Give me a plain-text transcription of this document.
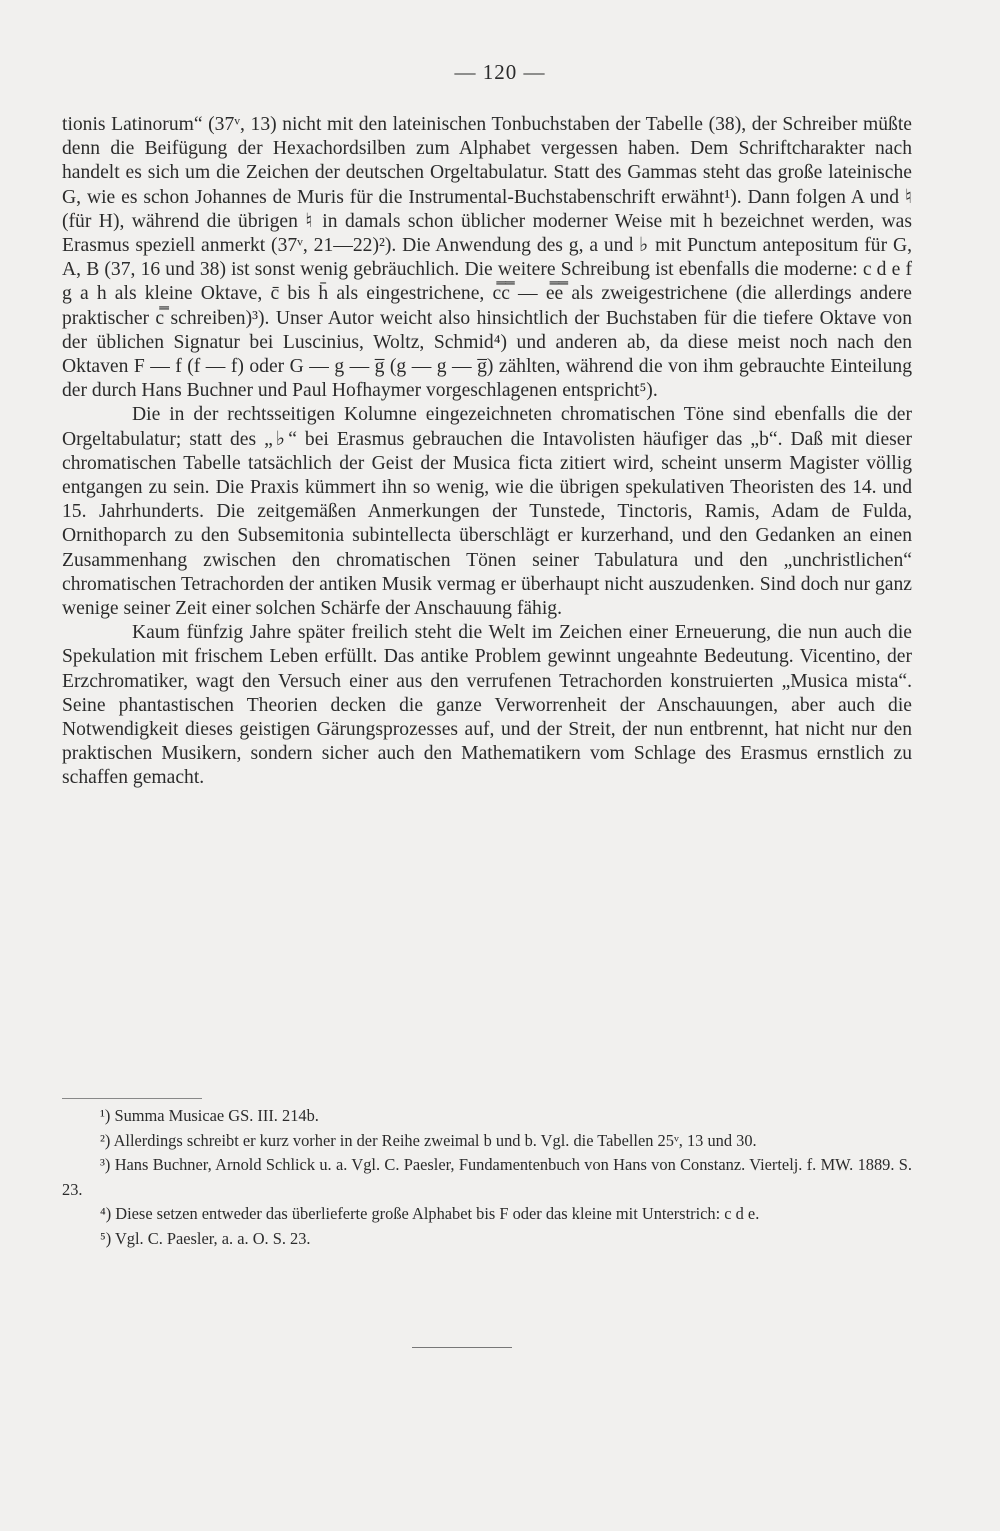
— 120 —

tionis Latinorum“ (37ᵛ, 13) nicht mit den lateinischen Tonbuchstaben der Tabelle (38), der Schreiber müßte denn die Beifügung der Hexachordsilben zum Alphabet vergessen haben. Dem Schriftcharakter nach handelt es sich um die Zeichen der deutschen Orgeltabulatur. Statt des Gammas steht das große lateinische G, wie es schon Johannes de Muris für die Instrumental-Buchstabenschrift erwähnt¹). Dann folgen A und ♮ (für H), während die übrigen ♮ in damals schon üblicher moderner Weise mit h bezeichnet werden, was Erasmus speziell anmerkt (37ᵛ, 21—22)²). Die Anwendung des g, a und ♭ mit Punctum antepositum für G, A, B (37, 16 und 38) ist sonst wenig gebräuchlich. Die weitere Schreibung ist ebenfalls die moderne: c d e f g a h als kleine Oktave, c̄ bis h̄ als eingestrichene, c̿c̿ — e̿e̿ als zweigestrichene (die allerdings andere praktischer c̿ schreiben)³). Unser Autor weicht also hinsichtlich der Buchstaben für die tiefere Oktave von der üblichen Signatur bei Luscinius, Woltz, Schmid⁴) und anderen ab, da diese meist noch nach den Oktaven F — f (f — f) oder G — g — g̅ (g — g — g̅) zählten, während die von ihm gebrauchte Einteilung der durch Hans Buchner und Paul Hofhaymer vorgeschlagenen entspricht⁵).

Die in der rechtsseitigen Kolumne eingezeichneten chromatischen Töne sind ebenfalls die der Orgeltabulatur; statt des „♭“ bei Erasmus gebrauchen die Intavolisten häufiger das „b“. Daß mit dieser chromatischen Tabelle tatsächlich der Geist der Musica ficta zitiert wird, scheint unserm Magister völlig entgangen zu sein. Die Praxis kümmert ihn so wenig, wie die übrigen spekulativen Theoristen des 14. und 15. Jahrhunderts. Die zeitgemäßen Anmerkungen der Tunstede, Tinctoris, Ramis, Adam de Fulda, Ornithoparch zu den Subsemitonia subintellecta überschlägt er kurzerhand, und den Gedanken an einen Zusammenhang zwischen den chromatischen Tönen seiner Tabulatura und den „unchristlichen“ chromatischen Tetrachorden der antiken Musik vermag er überhaupt nicht auszudenken. Sind doch nur ganz wenige seiner Zeit einer solchen Schärfe der Anschauung fähig.

Kaum fünfzig Jahre später freilich steht die Welt im Zeichen einer Erneuerung, die nun auch die Spekulation mit frischem Leben erfüllt. Das antike Problem gewinnt ungeahnte Bedeutung. Vicentino, der Erzchromatiker, wagt den Versuch einer aus den verrufenen Tetrachorden konstruierten „Musica mista“. Seine phantastischen Theorien decken die ganze Verworrenheit der Anschauungen, aber auch die Notwendigkeit dieses geistigen Gärungsprozesses auf, und der Streit, der nun entbrennt, hat nicht nur den praktischen Musikern, sondern sicher auch den Mathematikern vom Schlage des Erasmus ernstlich zu schaffen gemacht.

¹) Summa Musicae GS. III. 214b.

²) Allerdings schreibt er kurz vorher in der Reihe zweimal b und b. Vgl. die Tabellen 25ᵛ, 13 und 30.

³) Hans Buchner, Arnold Schlick u. a. Vgl. C. Paesler, Fundamentenbuch von Hans von Constanz. Viertelj. f. MW. 1889. S. 23.

⁴) Diese setzen entweder das überlieferte große Alphabet bis F oder das kleine mit Unterstrich: c d e.

⁵) Vgl. C. Paesler, a. a. O. S. 23.
